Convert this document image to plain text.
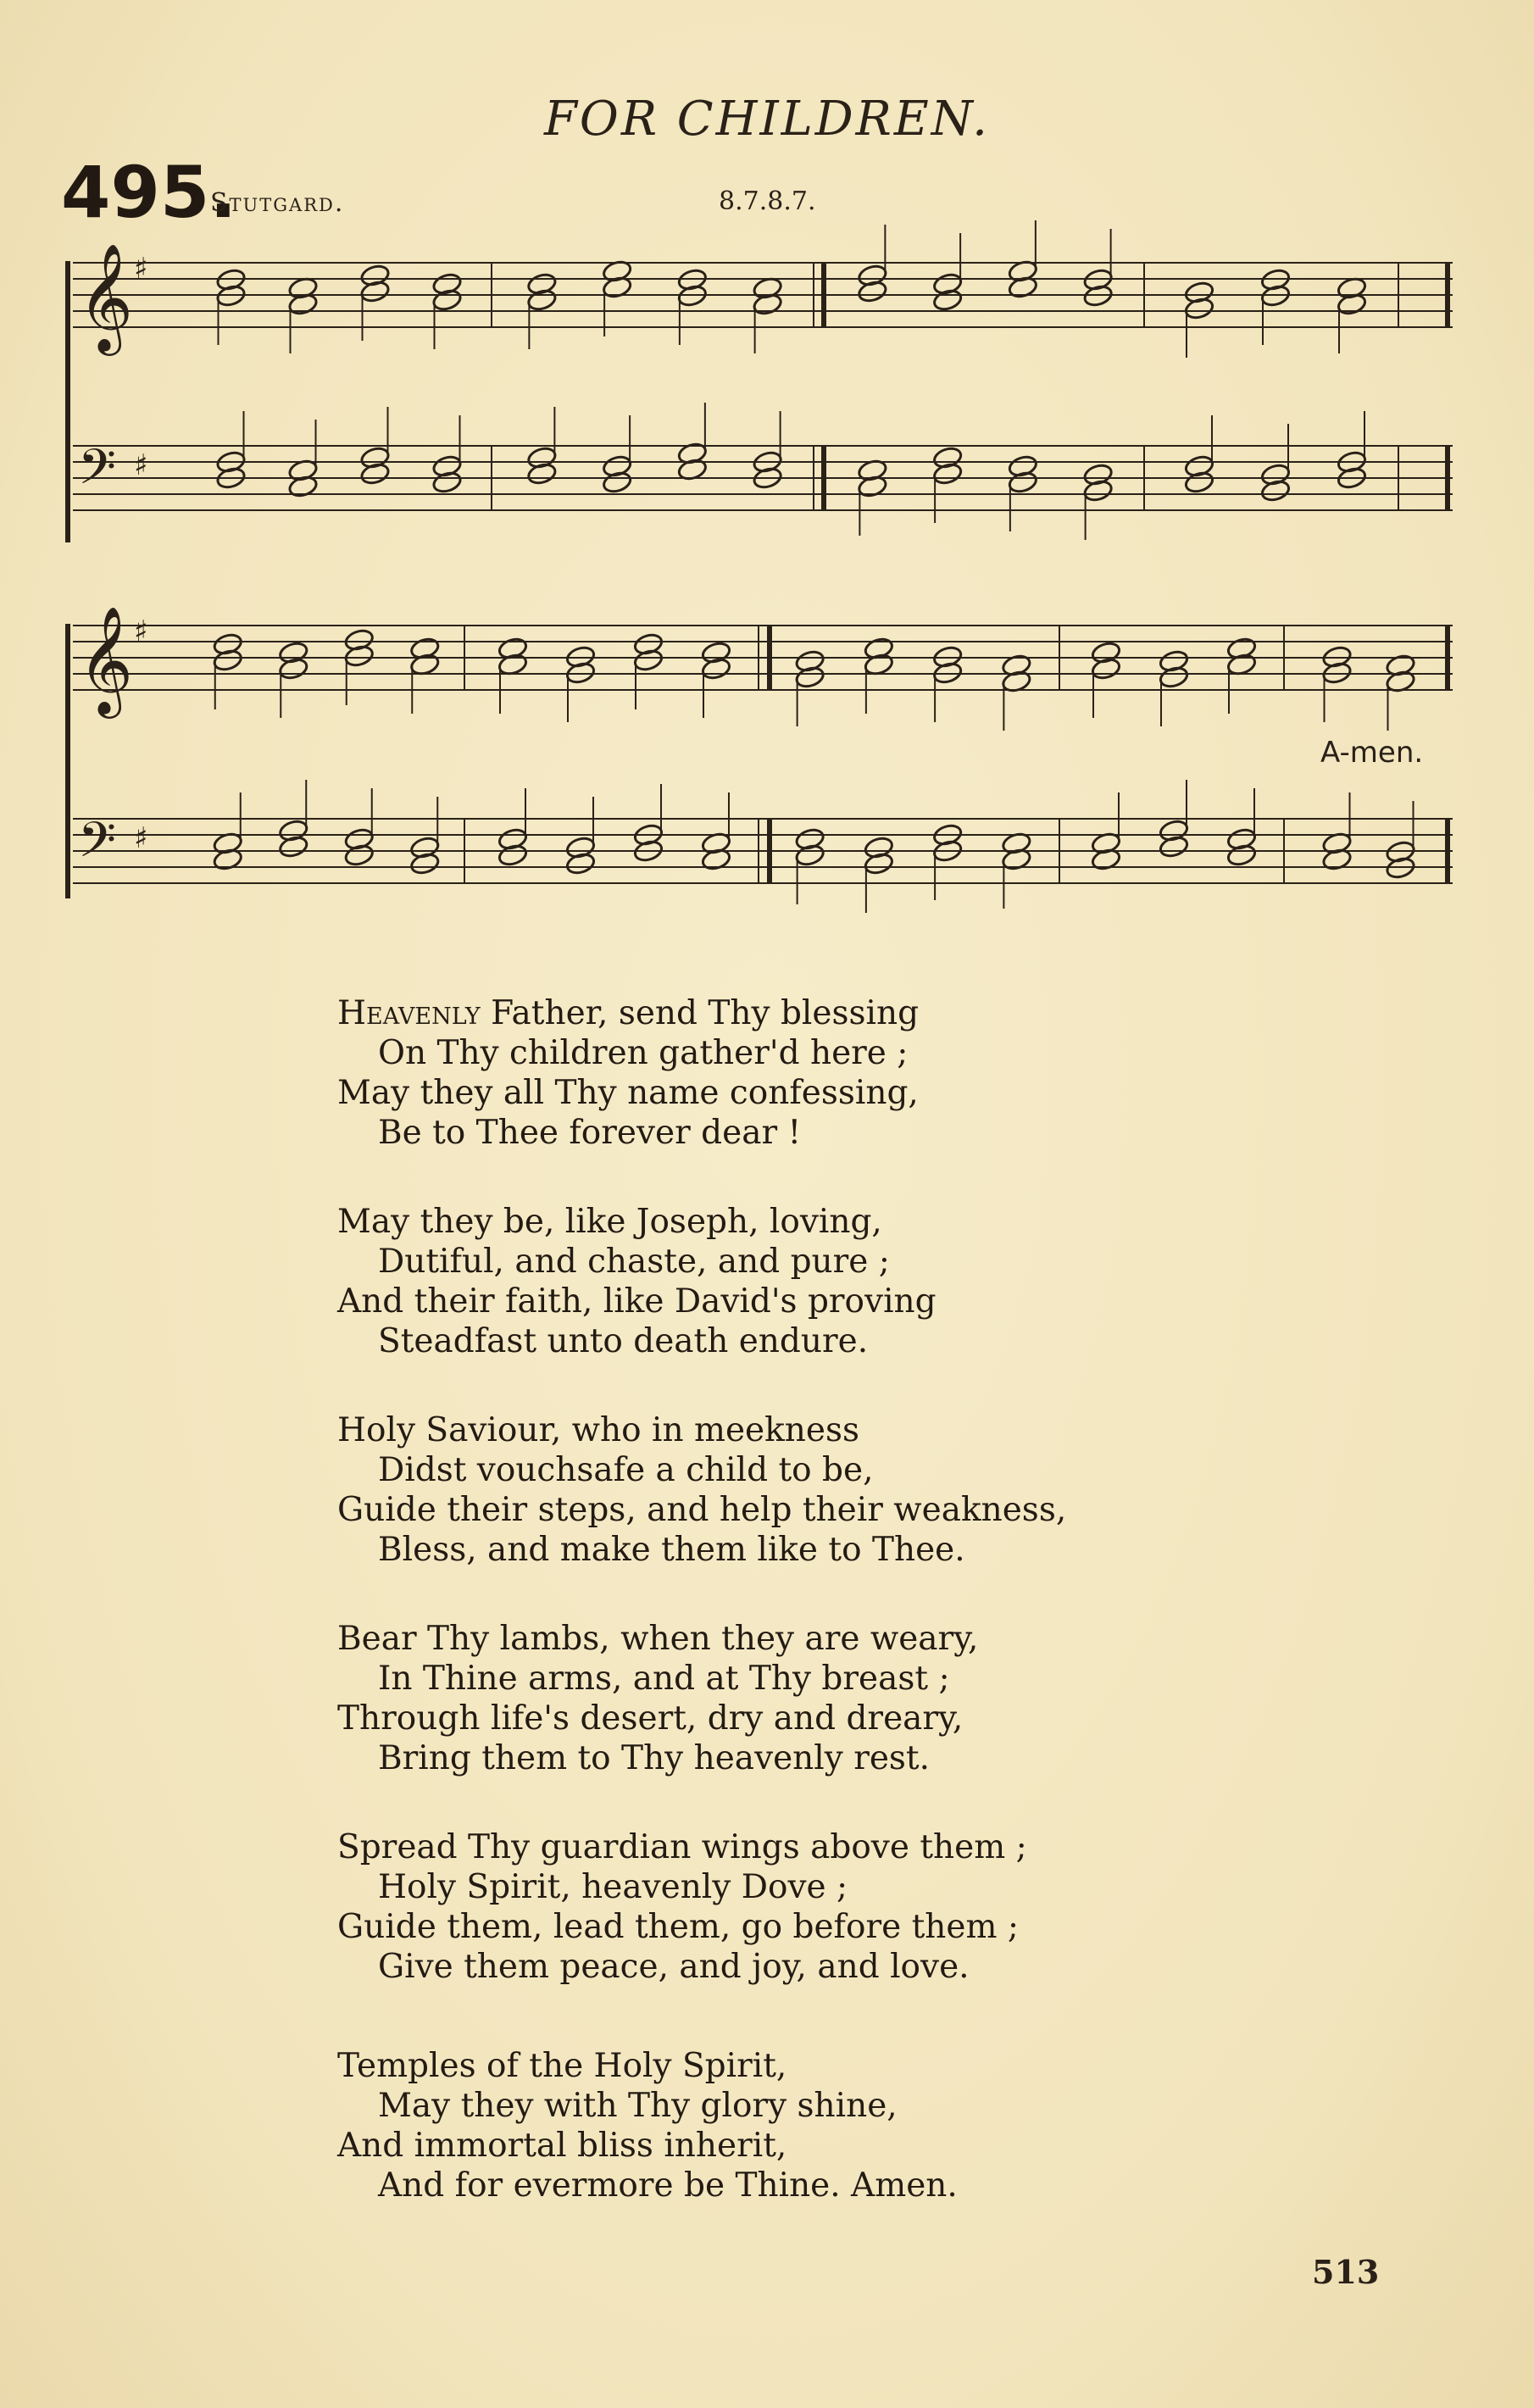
FOR CHILDREN.
495.
Stutgard.	8.7.8.7.
𝄞 ♯
𝄢 ♯
𝄞 ♯
𝄢 ♯
A-men.
Heavenly Father, send Thy blessing
On Thy children gather'd here ;
May they all Thy name confessing,
Be to Thee forever dear !
May they be, like Joseph, loving,
Dutiful, and chaste, and pure ;
And their faith, like David's proving
Steadfast unto death endure.
Holy Saviour, who in meekness
Didst vouchsafe a child to be,
Guide their steps, and help their weakness,
Bless, and make them like to Thee.
Bear Thy lambs, when they are weary,
In Thine arms, and at Thy breast ;
Through life's desert, dry and dreary,
Bring them to Thy heavenly rest.
Spread Thy guardian wings above them ;
Holy Spirit, heavenly Dove ;
Guide them, lead them, go before them ;
Give them peace, and joy, and love.
Temples of the Holy Spirit,
May they with Thy glory shine,
And immortal bliss inherit,
And for evermore be Thine. Amen.
513
